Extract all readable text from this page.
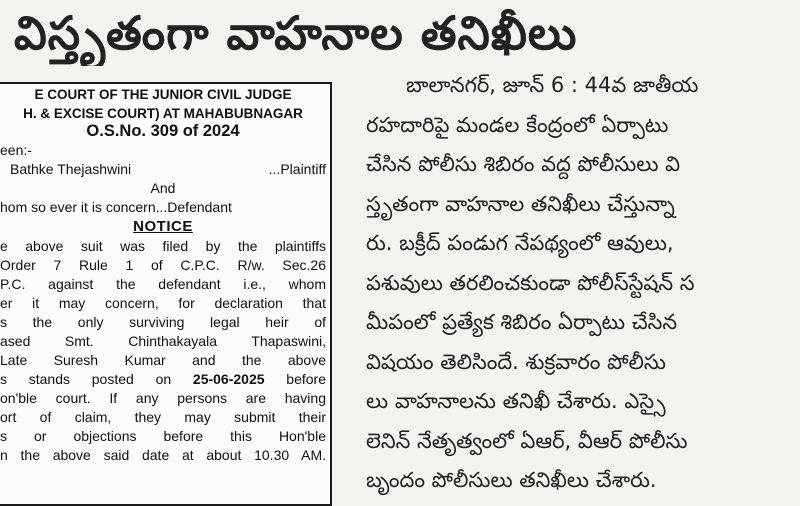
విస్తృతంగా వాహనాల తనిఖీలు
E COURT OF THE JUNIOR CIVIL JUDGE
H. & EXCISE COURT) AT MAHABUBNAGAR
O.S.No. 309 of 2024
een:-
Bathke Thejashwini	...Plaintiff
And
hom so ever it is concern...Defendant
NOTICE
e above suit was filed by the plaintiffs
Order 7 Rule 1 of C.P.C. R/w. Sec.26
P.C. against the defendant i.e., whom
er it may concern, for declaration that
s the only surviving legal heir of
ased Smt. Chinthakayala Thapaswini,
Late Suresh Kumar and the above
s stands posted on 25-06-2025 before
on'ble court. If any persons are having
ort of claim, they may submit their
s or objections before this Hon'ble
n the above said date at about 10.30 AM.
బాలానగర్, జూన్ 6 : 44వ జాతీయ
రహదారిపై మండల కేంద్రంలో ఏర్పాటు
చేసిన పోలీసు శిబిరం వద్ద పోలీసులు వి
స్తృతంగా వాహనాల తనిఖీలు చేస్తున్నా
రు. బక్రీద్ పండుగ నేపథ్యంలో ఆవులు,
పశువులు తరలించకుండా పోలీస్‌స్టేషన్ స
మీపంలో ప్రత్యేక శిబిరం ఏర్పాటు చేసిన
విషయం తెలిసిందే. శుక్రవారం పోలీసు
లు వాహనాలను తనిఖీ చేశారు. ఎస్సై
లెనిన్ నేతృత్వంలో ఏఆర్, వీఆర్ పోలీసు
బృందం పోలీసులు తనిఖీలు చేశారు.
